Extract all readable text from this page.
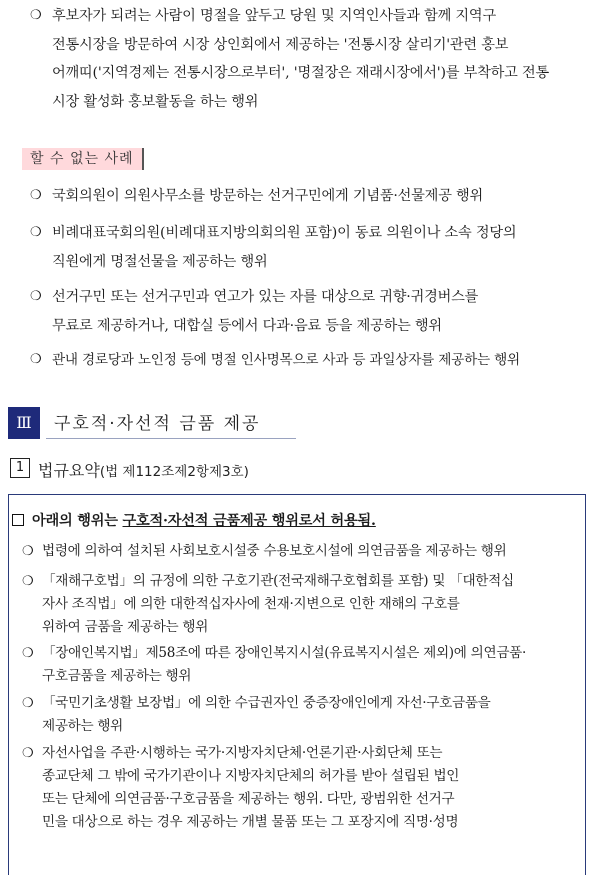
❍ 후보자가 되려는 사람이 명절을 앞두고 당원 및 지역인사들과 함께 지역구
전통시장을 방문하여 시장 상인회에서 제공하는 '전통시장 살리기'관련 홍보
어깨띠('지역경제는 전통시장으로부터', '명절장은 재래시장에서')를 부착하고 전통
시장 활성화 홍보활동을 하는 행위
할 수 없는 사례
❍ 국회의원이 의원사무소를 방문하는 선거구민에게 기념품·선물제공 행위
❍ 비례대표국회의원(비례대표지방의회의원 포함)이 동료 의원이나 소속 정당의
직원에게 명절선물을 제공하는 행위
❍ 선거구민 또는 선거구민과 연고가 있는 자를 대상으로 귀향·귀경버스를
무료로 제공하거나, 대합실 등에서 다과·음료 등을 제공하는 행위
❍ 관내 경로당과 노인정 등에 명절 인사명목으로 사과 등 과일상자를 제공하는 행위
Ⅲ	구호적·자선적 금품 제공
1 법규요약(법 제112조제2항제3호)
아래의 행위는 구호적·자선적 금품제공 행위로서 허용됨.
❍ 법령에 의하여 설치된 사회보호시설중 수용보호시설에 의연금품을 제공하는 행위
❍ 「재해구호법」의 규정에 의한 구호기관(전국재해구호협회를 포함) 및 「대한적십
자사 조직법」에 의한 대한적십자사에 천재·지변으로 인한 재해의 구호를
위하여 금품을 제공하는 행위
❍ 「장애인복지법」제58조에 따른 장애인복지시설(유료복지시설은 제외)에 의연금품·
구호금품을 제공하는 행위
❍ 「국민기초생활 보장법」에 의한 수급권자인 중증장애인에게 자선·구호금품을
제공하는 행위
❍ 자선사업을 주관·시행하는 국가·지방자치단체·언론기관·사회단체 또는
종교단체 그 밖에 국가기관이나 지방자치단체의 허가를 받아 설립된 법인
또는 단체에 의연금품·구호금품을 제공하는 행위. 다만, 광범위한 선거구
민을 대상으로 하는 경우 제공하는 개별 물품 또는 그 포장지에 직명·성명
